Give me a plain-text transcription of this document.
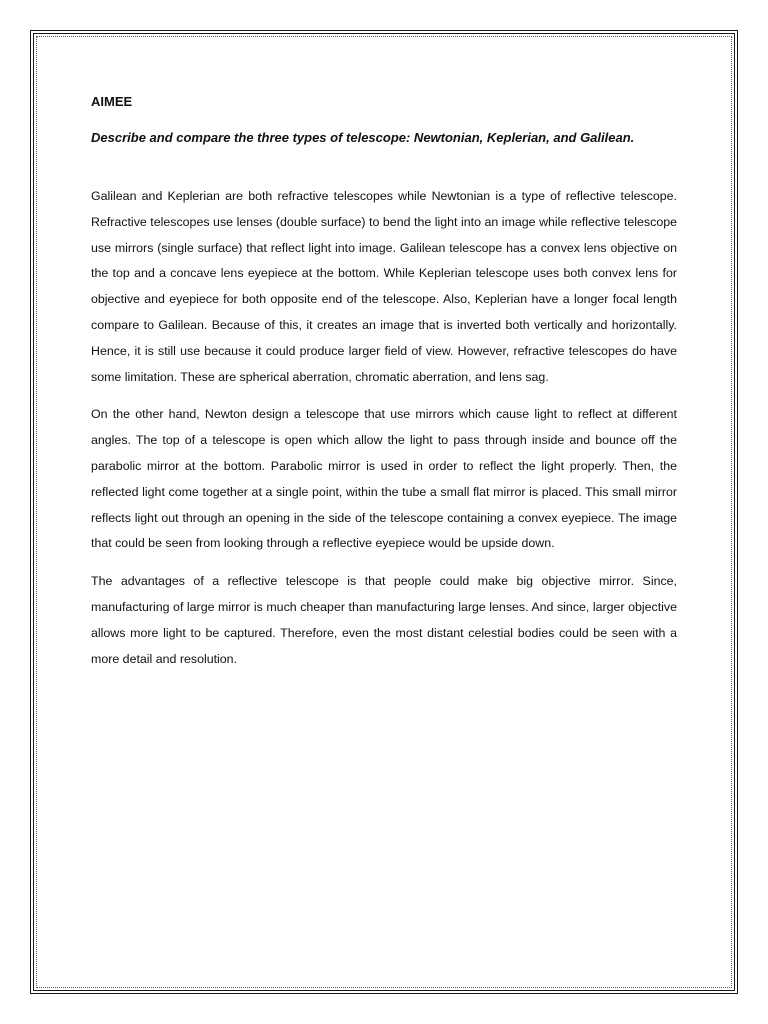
AIMEE

Describe and compare the three types of telescope: Newtonian, Keplerian, and Galilean.

Galilean and Keplerian are both refractive telescopes while Newtonian is a type of reflective telescope. Refractive telescopes use lenses (double surface) to bend the light into an image while reflective telescope use mirrors (single surface) that reflect light into image. Galilean telescope has a convex lens objective on the top and a concave lens eyepiece at the bottom. While Keplerian telescope uses both convex lens for objective and eyepiece for both opposite end of the telescope. Also, Keplerian have a longer focal length compare to Galilean. Because of this, it creates an image that is inverted both vertically and horizontally. Hence, it is still use because it could produce larger field of view. However, refractive telescopes do have some limitation. These are spherical aberration, chromatic aberration, and lens sag.

On the other hand, Newton design a telescope that use mirrors which cause light to reflect at different angles. The top of a telescope is open which allow the light to pass through inside and bounce off the parabolic mirror at the bottom. Parabolic mirror is used in order to reflect the light properly. Then, the reflected light come together at a single point, within the tube a small flat mirror is placed. This small mirror reflects light out through an opening in the side of the telescope containing a convex eyepiece. The image that could be seen from looking through a reflective eyepiece would be upside down.

The advantages of a reflective telescope is that people could make big objective mirror. Since, manufacturing of large mirror is much cheaper than manufacturing large lenses. And since, larger objective allows more light to be captured. Therefore, even the most distant celestial bodies could be seen with a more detail and resolution.
